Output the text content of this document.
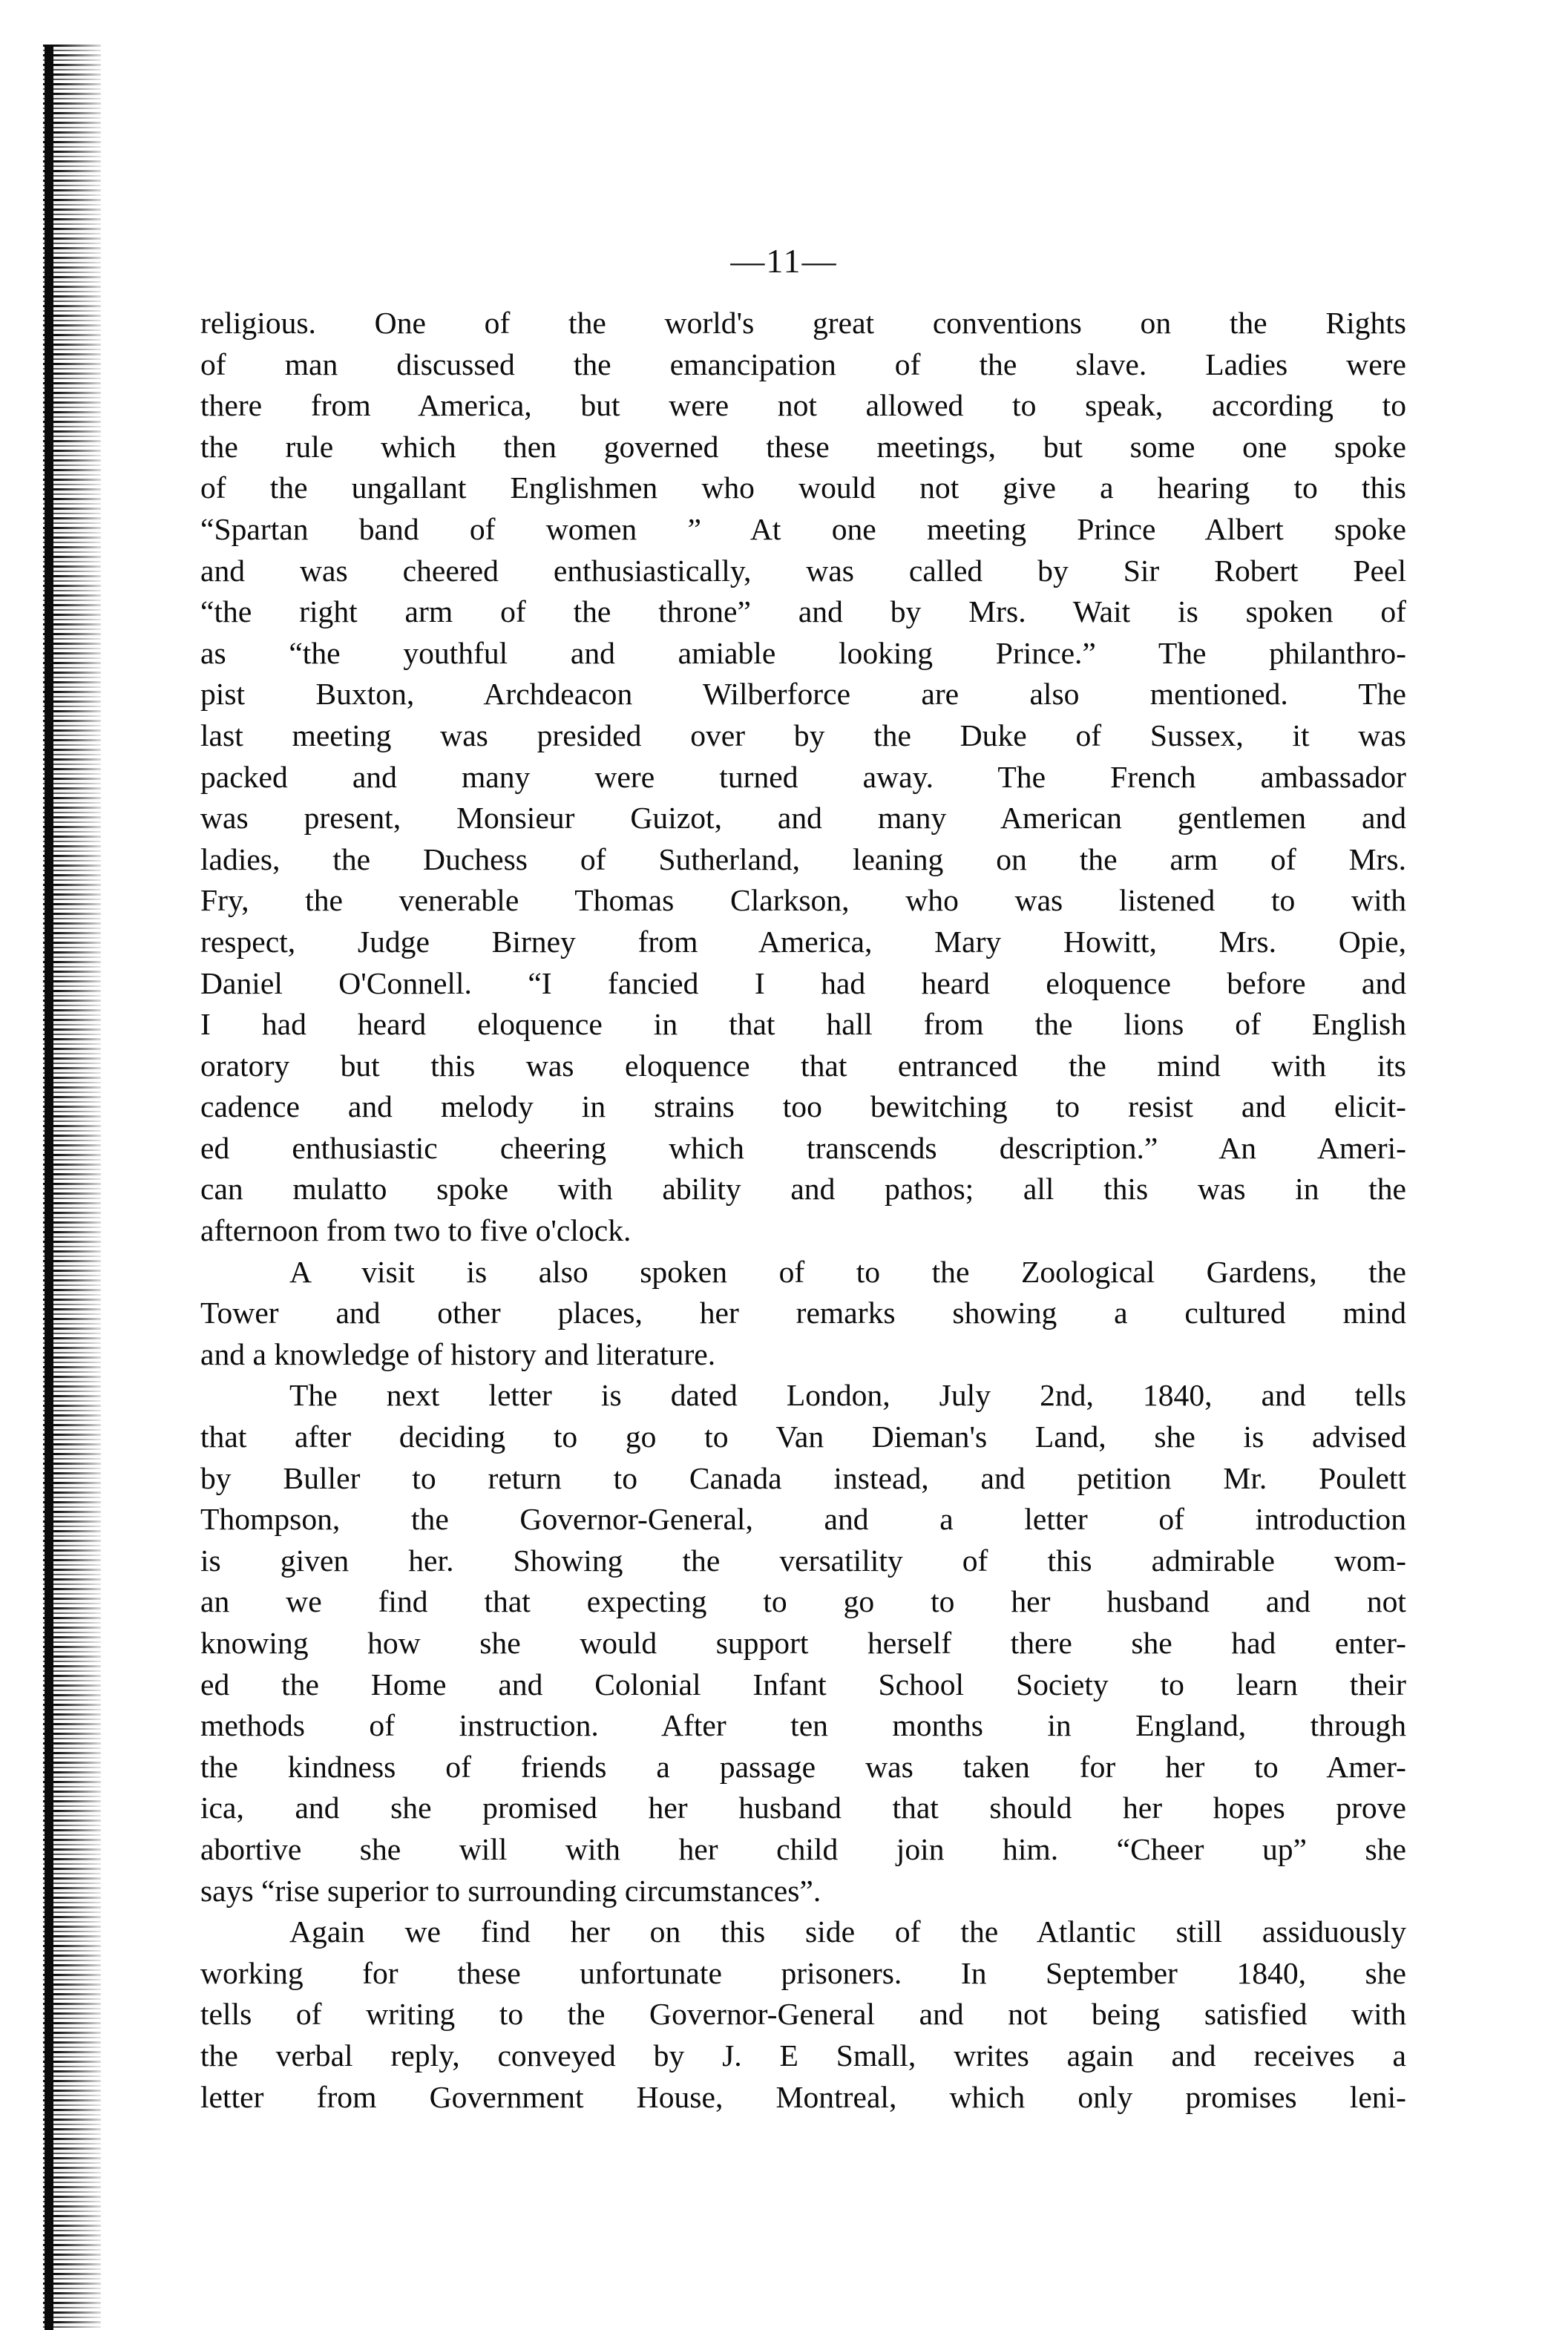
—11—
religious. One of the world's great conventions on the Rights
of man discussed the emancipation of the slave. Ladies were
there from America, but were not allowed to speak, according to
the rule which then governed these meetings, but some one spoke
of the ungallant Englishmen who would not give a hearing to this
“Spartan band of women ” At one meeting Prince Albert spoke
and was cheered enthusiastically, was called by Sir Robert Peel
“the right arm of the throne” and by Mrs. Wait is spoken of
as “the youthful and amiable looking Prince.” The philanthro-
pist Buxton, Archdeacon Wilberforce are also mentioned. The
last meeting was presided over by the Duke of Sussex, it was
packed and many were turned away. The French ambassador
was present, Monsieur Guizot, and many American gentlemen and
ladies, the Duchess of Sutherland, leaning on the arm of Mrs.
Fry, the venerable Thomas Clarkson, who was listened to with
respect, Judge Birney from America, Mary Howitt, Mrs. Opie,
Daniel O'Connell. “I fancied I had heard eloquence before and
I had heard eloquence in that hall from the lions of English
oratory but this was eloquence that entranced the mind with its
cadence and melody in strains too bewitching to resist and elicit-
ed enthusiastic cheering which transcends description.” An Ameri-
can mulatto spoke with ability and pathos; all this was in the
afternoon from two to five o'clock.
A visit is also spoken of to the Zoological Gardens, the
Tower and other places, her remarks showing a cultured mind
and a knowledge of history and literature.
The next letter is dated London, July 2nd, 1840, and tells
that after deciding to go to Van Dieman's Land, she is advised
by Buller to return to Canada instead, and petition Mr. Poulett
Thompson, the Governor-General, and a letter of introduction
is given her. Showing the versatility of this admirable wom-
an we find that expecting to go to her husband and not
knowing how she would support herself there she had enter-
ed the Home and Colonial Infant School Society to learn their
methods of instruction. After ten months in England, through
the kindness of friends a passage was taken for her to Amer-
ica, and she promised her husband that should her hopes prove
abortive she will with her child join him. “Cheer up” she
says “rise superior to surrounding circumstances”.
Again we find her on this side of the Atlantic still assiduously
working for these unfortunate prisoners. In September 1840, she
tells of writing to the Governor-General and not being satisfied with
the verbal reply, conveyed by J. E Small, writes again and receives a
letter from Government House, Montreal, which only promises leni-
